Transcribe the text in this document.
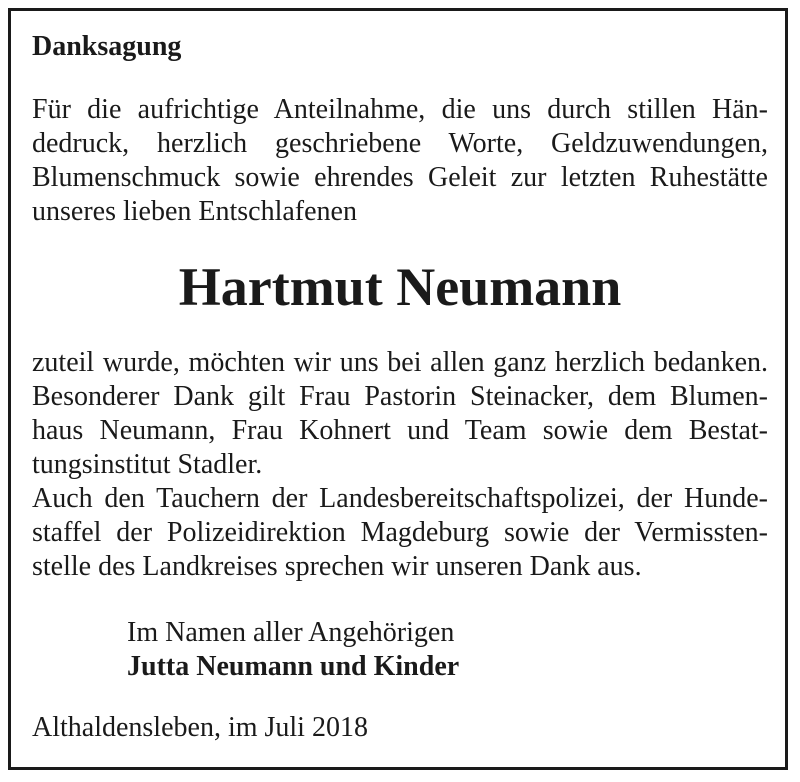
Danksagung
Für die aufrichtige Anteilnahme, die uns durch stillen Hän-
dedruck, herzlich geschriebene Worte, Geldzuwendungen,
Blumenschmuck sowie ehrendes Geleit zur letzten Ruhestätte
unseres lieben Entschlafenen
Hartmut Neumann
zuteil wurde, möchten wir uns bei allen ganz herzlich bedanken.
Besonderer Dank gilt Frau Pastorin Steinacker, dem Blumen-
haus Neumann, Frau Kohnert und Team sowie dem Bestat-
tungsinstitut Stadler.
Auch den Tauchern der Landesbereitschaftspolizei, der Hunde-
staffel der Polizeidirektion Magdeburg sowie der Vermissten-
stelle des Landkreises sprechen wir unseren Dank aus.
Im Namen aller Angehörigen
Jutta Neumann und Kinder
Althaldensleben, im Juli 2018
